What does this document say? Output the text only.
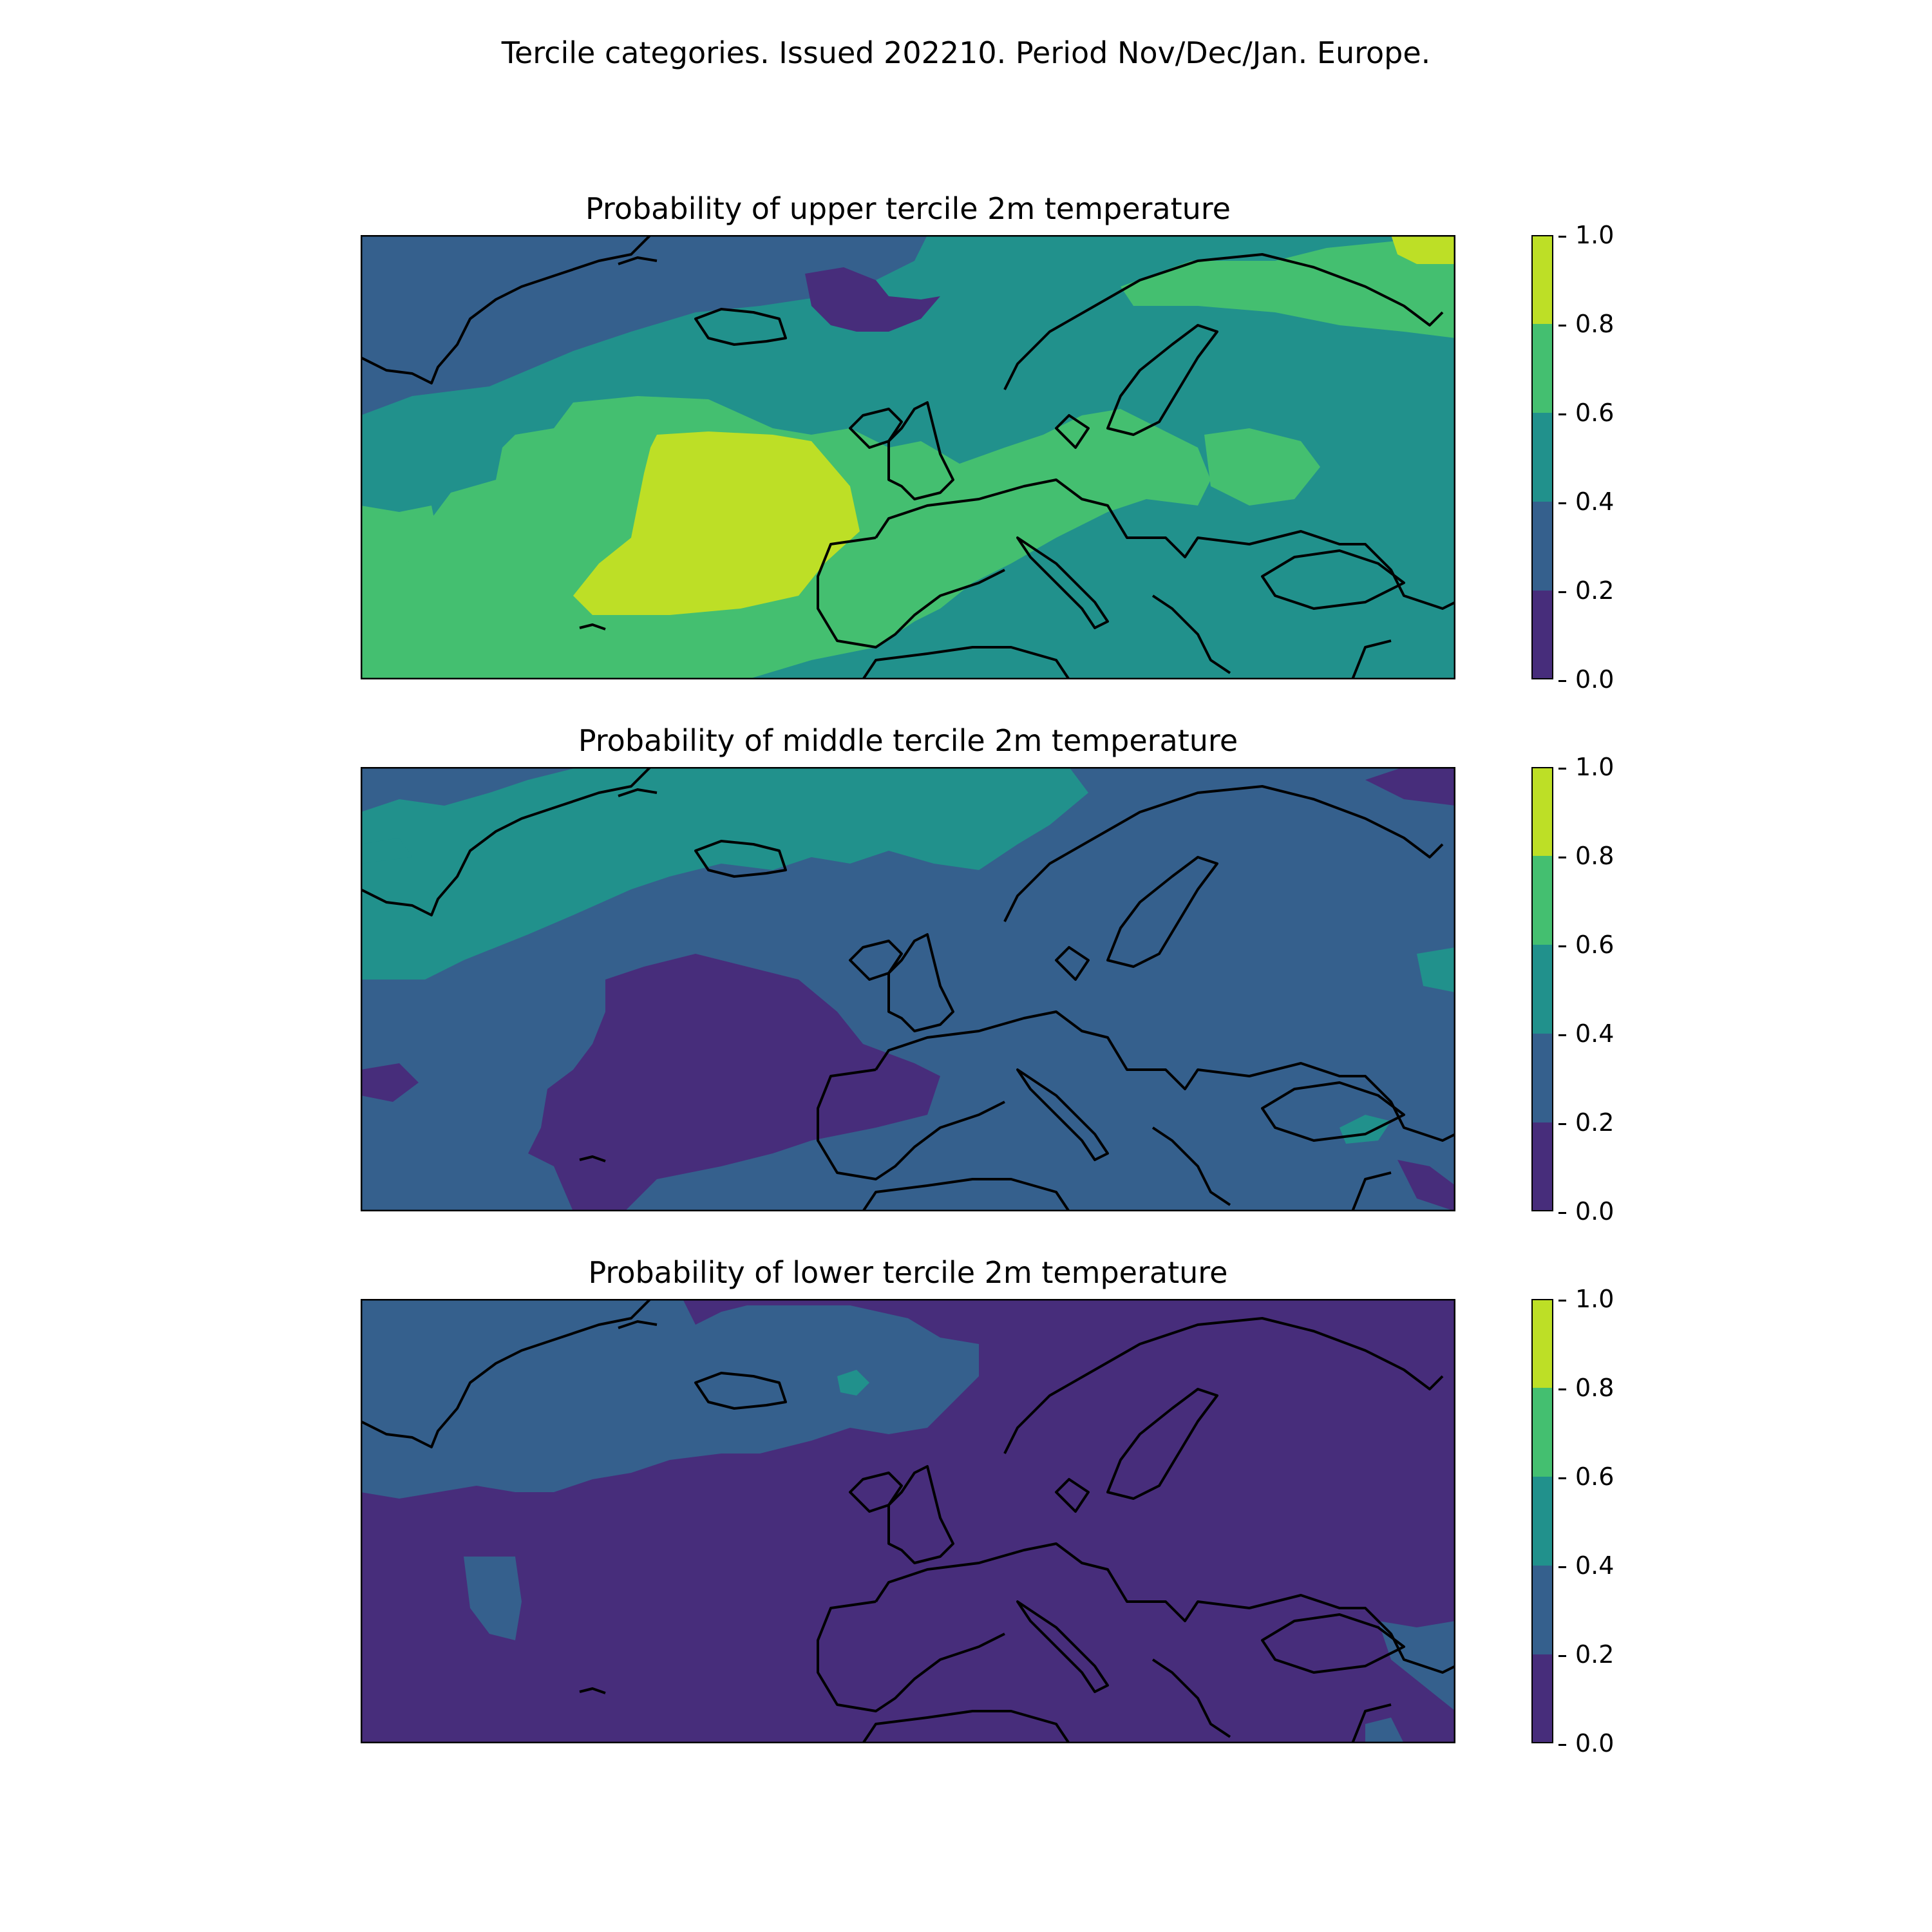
Tercile categories. Issued 202210. Period Nov/Dec/Jan. Europe.
Probability of upper tercile 2m temperature
1.0
0.8
0.6
0.4
0.2
0.0
Probability of middle tercile 2m temperature
1.0
0.8
0.6
0.4
0.2
0.0
Probability of lower tercile 2m temperature
1.0
0.8
0.6
0.4
0.2
0.0
